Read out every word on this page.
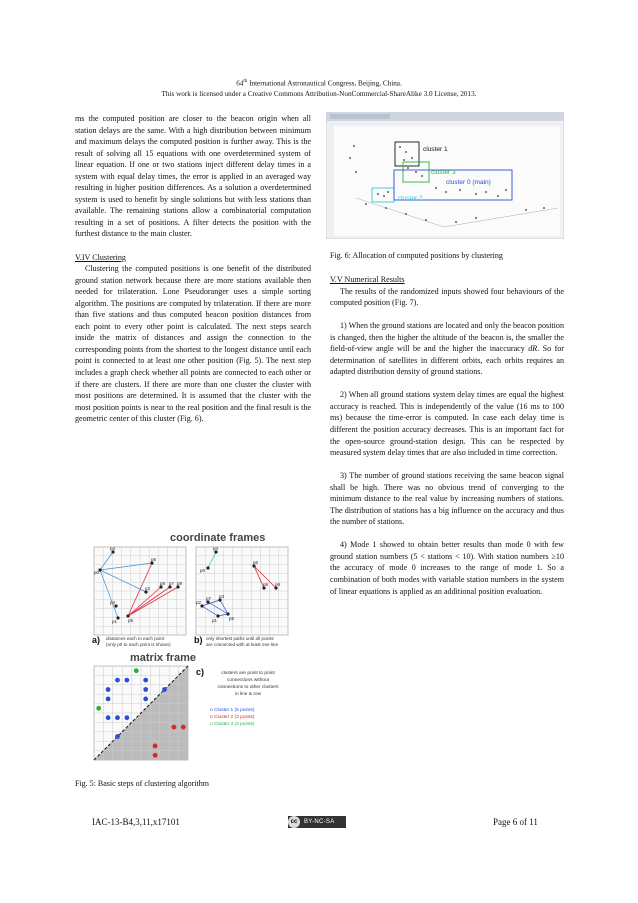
64th International Astronautical Congress, Beijing, China.
This work is licensed under a Creative Commons Attribution-NonCommercial-ShareAlike 3.0 License, 2013.

ms the computed position are closer to the beacon origin when all station delays are the same. With a high distribution between minimum and maximum delays the computed position is further away. This is the result of solving all 15 equations with one overdetermined system of linear equation. If one or two stations inject different delay times in a system with equal delay times, the error is applied in an averaged way resulting in higher position differences. As a solution a overdetermined system is used to benefit by single solutions but with less stations than available. The remaining stations allow a combinatorial computation resulting in a set of positions. A filter detects the position with the furthest distance to the main cluster.

V.IV Clustering

Clustering the computed positions is one benefit of the distributed ground station network because there are more stations available then needed for trilateration. Lone Pseudoranger uses a simple sorting algorithm. The positions are computed by trilateration. If there are more than five stations and thus computed beacon position distances from each point to every other point is calculated. The next steps search inside the matrix of distances and assign the connection to the corresponding points from the shortest to the longest distance until each point is connected to at least one other position (Fig. 5). The next step includes a graph check whether all points are connected to each other or if there are clusters. If there are more than one cluster the cluster with most positions are determined. It is assumed that the cluster with the most position points is near to the real position and the final result is the geometric center of this cluster (Fig. 6).

coordinate frames
p0
p4
p6
p2
p8 p7 p9
p1
p3
p5
p0
p4
p6
p8 p9
p2
p3
p1	p5
p7
a) distances each to each point
(only p0 to each point is shown)	b) only shortest paths until all points
are connected with at least one line
matrix frame
c)	clusters are point to point
connections without
connections to other clusters
in line & row
o Cluster 1 (5 points)
o Cluster 2 (3 points)
o Cluster 3 (2 points)
Fig. 5: Basic steps of clustering algorithm
cluster 1
cluster 3
cluster 0 (main)
cluster 2
Fig. 6: Allocation of computed positions by clustering

V.V Numerical Results

The results of the randomized inputs showed four behaviours of the computed position (Fig. 7).

1) When the ground stations are located and only the beacon position is changed, then the higher the altitude of the beacon is, the smaller the field-of-view angle will be and the higher the inaccuracy dR. So for determination of satellites in different orbits, each orbits requires an adapted distribution density of ground stations.

2) When all ground stations system delay times are equal the highest accuracy is reached. This is independently of the value (16 ms to 100 ms) because the time-error is computed. In case each delay time is different the position accuracy decreases. This is an important fact for the open-source ground-station design. This can be respected by measured system delay times that are also included in time correction.

3) The number of ground stations receiving the same beacon signal shall be high. There was no obvious trend of converging to the minimum distance to the real value by increasing numbers of stations. The distribution of stations has a big influence on the accuracy and thus the number of stations.

4) Mode 1 showed to obtain better results than mode 0 with few ground station numbers (5 < stations < 10). With station numbers ≥10 the accuracy of mode 0 increases to the range of mode 1. So a combination of both modes with variable station numbers in the system of linear equations is applied as an additional position evaluation.

IAC-13-B4,3,11,x17101	cc	BY-NC-SA	Page 6 of 11
